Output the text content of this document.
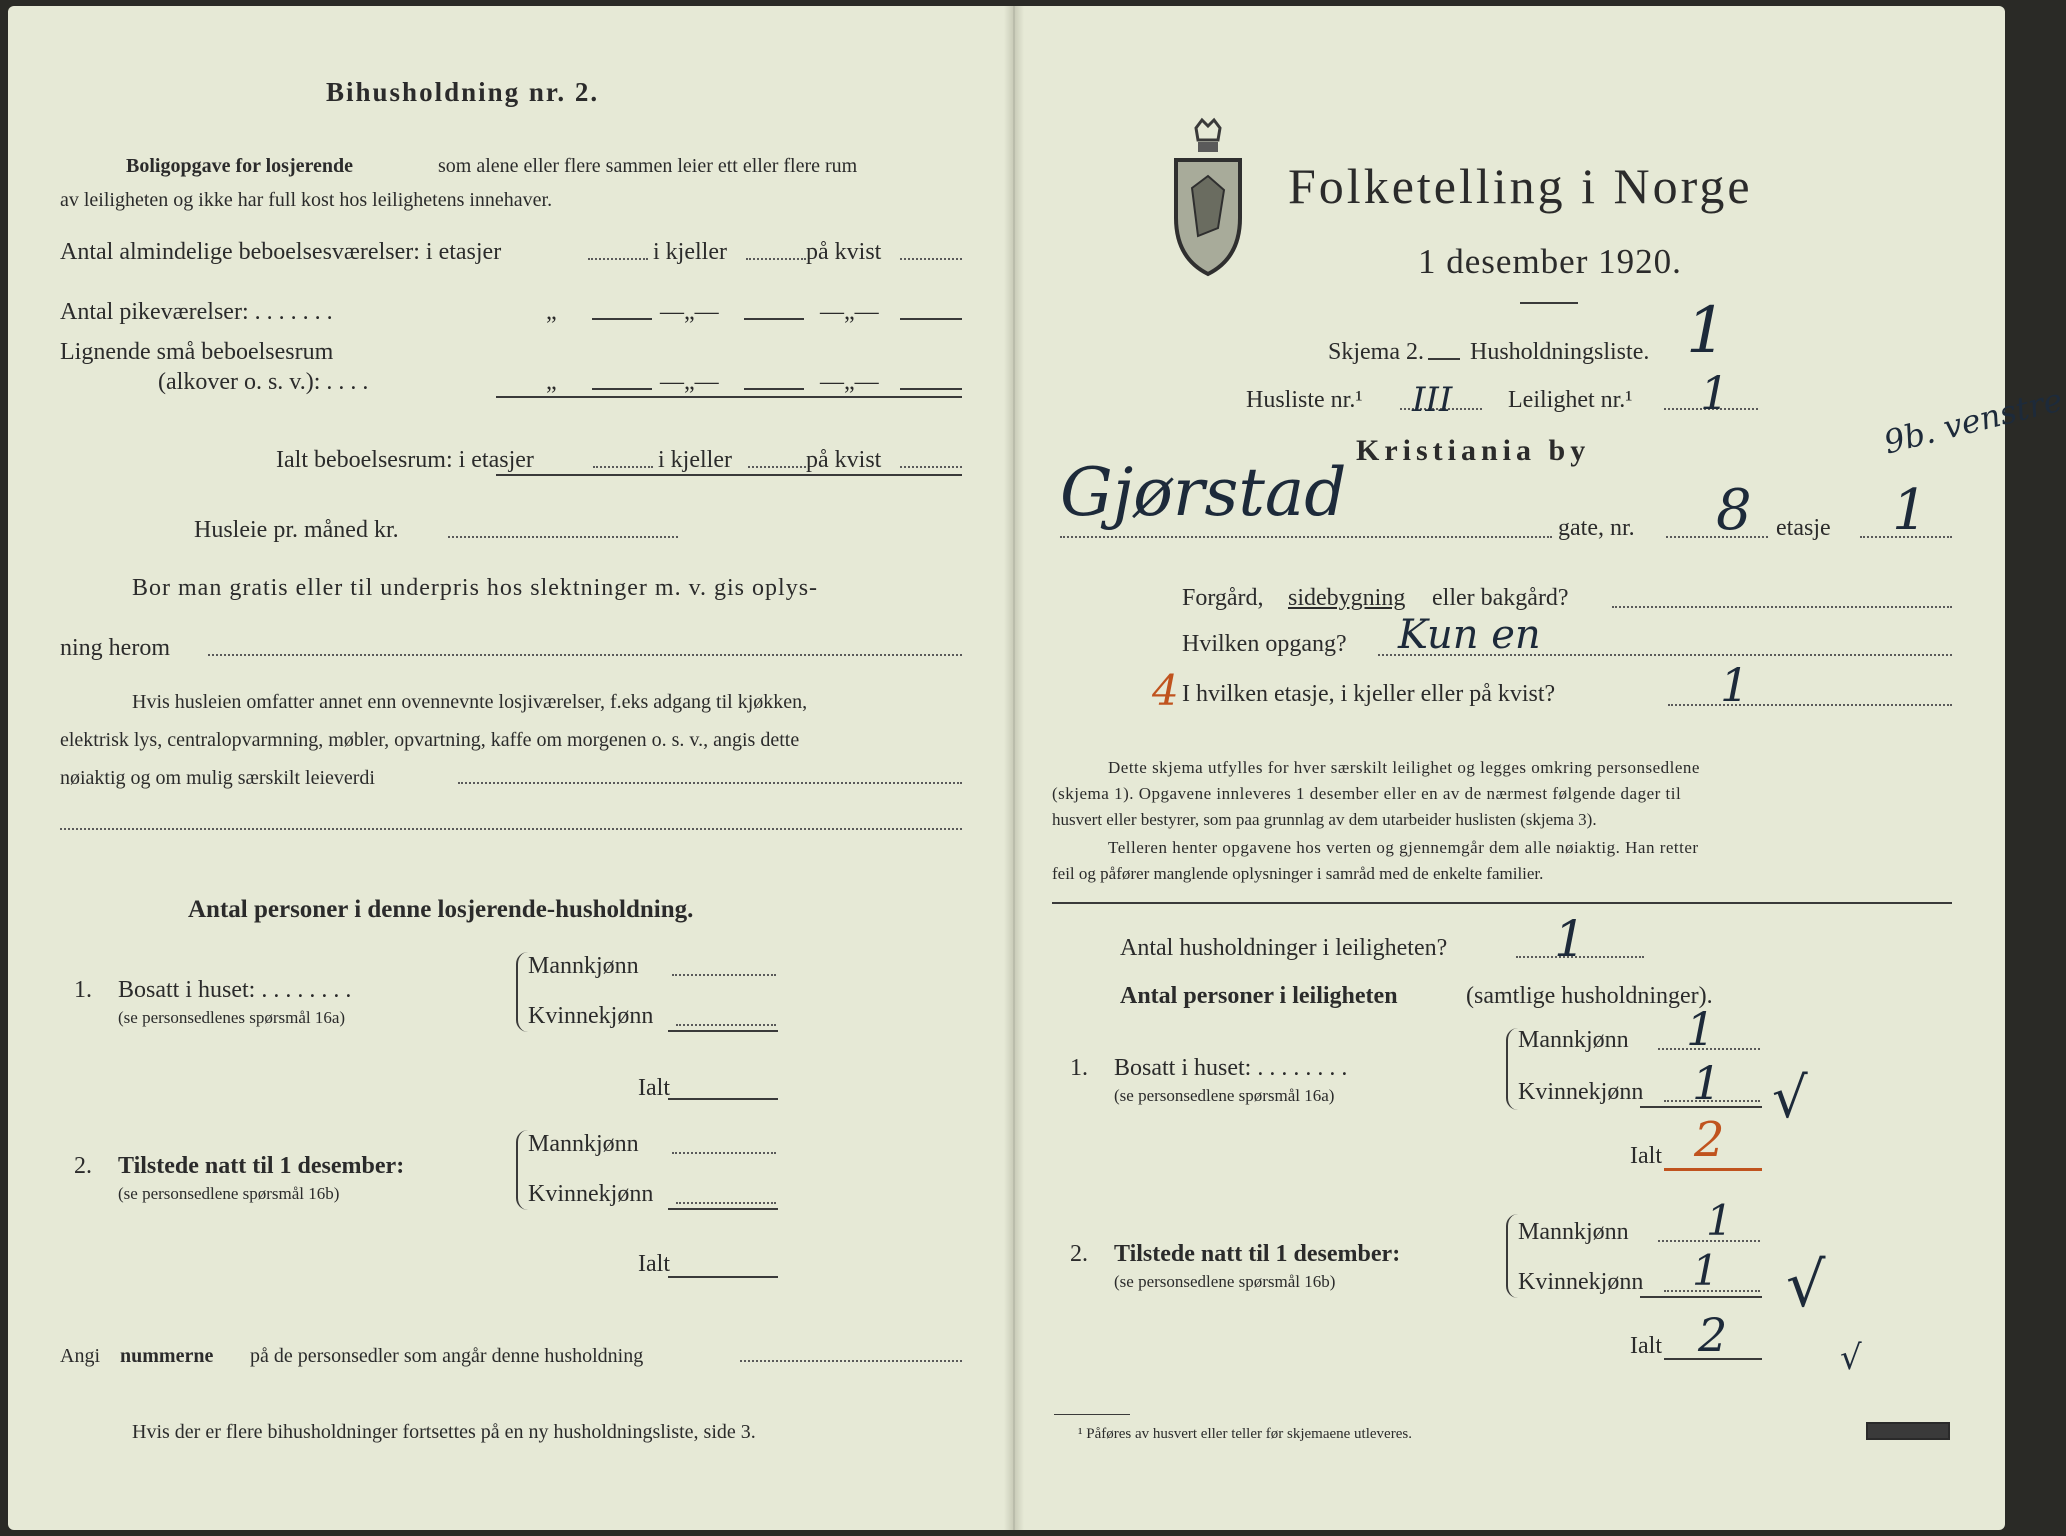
Bihusholdning nr. 2.
Boligopgave for losjerende	som alene eller flere sammen leier ett eller flere rum
av leiligheten og ikke har full kost hos leilighetens innehaver.
Antal almindelige beboelsesværelser: i etasjer	i kjeller	på kvist
Antal pikeværelser: . . . . . . .	„	—„—	—„—
Lignende små beboelsesrum
(alkover o. s. v.): . . . .	„	—„—	—„—
Ialt beboelsesrum: i etasjer	i kjeller	på kvist
Husleie pr. måned kr.
Bor man gratis eller til underpris hos slektninger m. v. gis oplys-
ning herom
Hvis husleien omfatter annet enn ovennevnte losjiværelser, f.eks adgang til kjøkken,
elektrisk lys, centralopvarmning, møbler, opvartning, kaffe om morgenen o. s. v., angis dette
nøiaktig og om mulig særskilt leieverdi
Antal personer i denne losjerende-husholdning.
1. Bosatt i huset: . . . . . . . .
(se personsedlenes spørsmål 16a)
Mannkjønn
Kvinnekjønn
Ialt
2. Tilstede natt til 1 desember:
(se personsedlene spørsmål 16b)
Mannkjønn
Kvinnekjønn
Ialt
Angi nummerne på de personsedler som angår denne husholdning
Hvis der er flere bihusholdninger fortsettes på en ny husholdningsliste, side 3.
Folketelling i Norge
1 desember 1920.
Skjema 2. Husholdningsliste. 1
Husliste nr.¹ III Leilighet nr.¹ 1	9b. venstre
Kristiania by
Gjørstad	gate, nr. 8 etasje 1
Forgård, sidebygning eller bakgård?
Hvilken opgang? Kun en
4 I hvilken etasje, i kjeller eller på kvist?	1
Dette skjema utfylles for hver særskilt leilighet og legges omkring personsedlene
(skjema 1). Opgavene innleveres 1 desember eller en av de nærmest følgende dager til
husvert eller bestyrer, som paa grunnlag av dem utarbeider huslisten (skjema 3).
Telleren henter opgavene hos verten og gjennemgår dem alle nøiaktig. Han retter
feil og påfører manglende oplysninger i samråd med de enkelte familier.
Antal husholdninger i leiligheten? 1
Antal personer i leiligheten	(samtlige husholdninger).
1. Bosatt i huset: . . . . . . . .
(se personsedlene spørsmål 16a)
Mannkjønn 1
Kvinnekjønn 1
Ialt 2
√
2. Tilstede natt til 1 desember:
(se personsedlene spørsmål 16b)
Mannkjønn 1
Kvinnekjønn 1
Ialt 2
√
√
¹ Påføres av husvert eller teller før skjemaene utleveres.
